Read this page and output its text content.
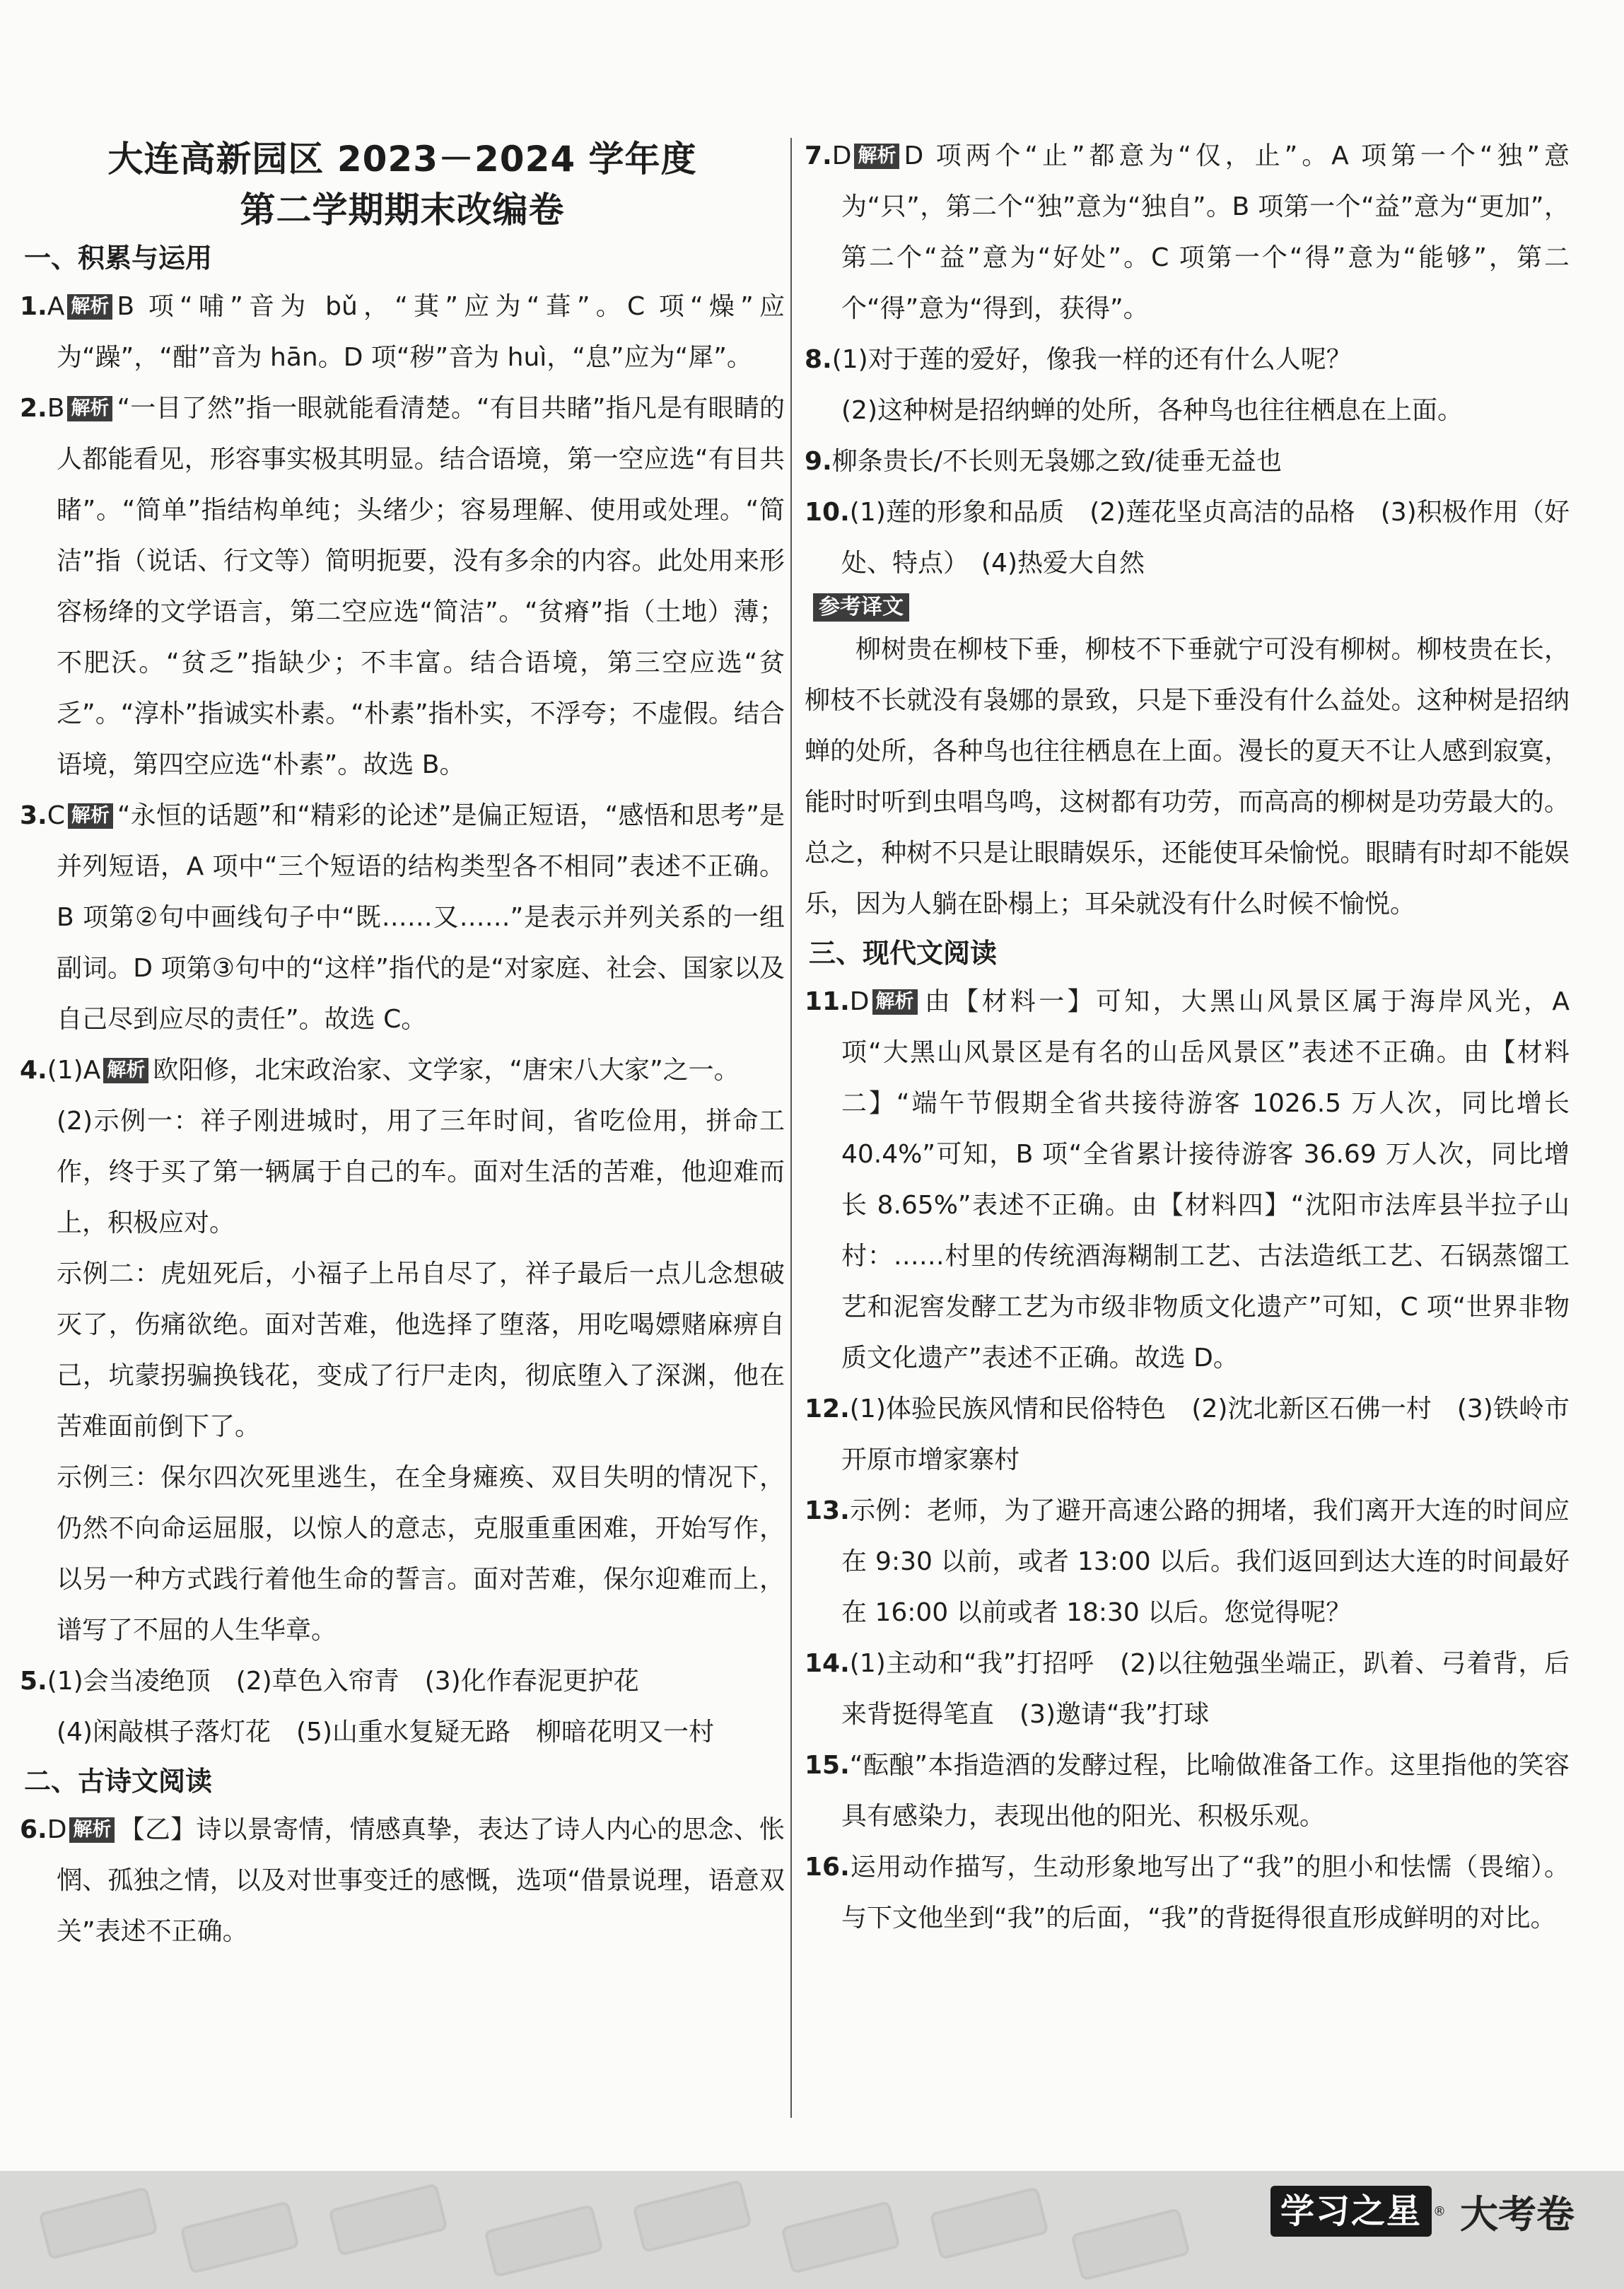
大连高新园区 2023－2024 学年度
第二学期期末改编卷
一、积累与运用

1.A 解析 B 项“哺”音为 bǔ，“萁”应为“葺”。C 项“燥”应为“躁”，“酣”音为 hān。D 项“秽”音为 huì，“息”应为“犀”。

2.B 解析 “一目了然”指一眼就能看清楚。“有目共睹”指凡是有眼睛的人都能看见，形容事实极其明显。结合语境，第一空应选“有目共睹”。“简单”指结构单纯；头绪少；容易理解、使用或处理。“简洁”指（说话、行文等）简明扼要，没有多余的内容。此处用来形容杨绛的文学语言，第二空应选“简洁”。“贫瘠”指（土地）薄；不肥沃。“贫乏”指缺少；不丰富。结合语境，第三空应选“贫乏”。“淳朴”指诚实朴素。“朴素”指朴实，不浮夸；不虚假。结合语境，第四空应选“朴素”。故选 B。

3.C 解析 “永恒的话题”和“精彩的论述”是偏正短语，“感悟和思考”是并列短语，A 项中“三个短语的结构类型各不相同”表述不正确。B 项第②句中画线句子中“既……又……”是表示并列关系的一组副词。D 项第③句中的“这样”指代的是“对家庭、社会、国家以及自己尽到应尽的责任”。故选 C。

4.(1)A 解析 欧阳修，北宋政治家、文学家，“唐宋八大家”之一。

(2)示例一：祥子刚进城时，用了三年时间，省吃俭用，拼命工作，终于买了第一辆属于自己的车。面对生活的苦难，他迎难而上，积极应对。

示例二：虎妞死后，小福子上吊自尽了，祥子最后一点儿念想破灭了，伤痛欲绝。面对苦难，他选择了堕落，用吃喝嫖赌麻痹自己，坑蒙拐骗换钱花，变成了行尸走肉，彻底堕入了深渊，他在苦难面前倒下了。

示例三：保尔四次死里逃生，在全身瘫痪、双目失明的情况下，仍然不向命运屈服，以惊人的意志，克服重重困难，开始写作，以另一种方式践行着他生命的誓言。面对苦难，保尔迎难而上，谱写了不屈的人生华章。

5.(1)会当凌绝顶　(2)草色入帘青　(3)化作春泥更护花

(4)闲敲棋子落灯花　(5)山重水复疑无路　柳暗花明又一村

二、古诗文阅读

6.D 解析 【乙】诗以景寄情，情感真挚，表达了诗人内心的思念、怅惘、孤独之情，以及对世事变迁的感慨，选项“借景说理，语意双关”表述不正确。

7.D 解析 D 项两个“止”都意为“仅，止”。A 项第一个“独”意为“只”，第二个“独”意为“独自”。B 项第一个“益”意为“更加”，第二个“益”意为“好处”。C 项第一个“得”意为“能够”，第二个“得”意为“得到，获得”。

8.(1)对于莲的爱好，像我一样的还有什么人呢？

(2)这种树是招纳蝉的处所，各种鸟也往往栖息在上面。

9.柳条贵长/不长则无袅娜之致/徒垂无益也

10.(1)莲的形象和品质　(2)莲花坚贞高洁的品格　(3)积极作用（好处、特点）　(4)热爱大自然

参考译文

柳树贵在柳枝下垂，柳枝不下垂就宁可没有柳树。柳枝贵在长，柳枝不长就没有袅娜的景致，只是下垂没有什么益处。这种树是招纳蝉的处所，各种鸟也往往栖息在上面。漫长的夏天不让人感到寂寞，能时时听到虫唱鸟鸣，这树都有功劳，而高高的柳树是功劳最大的。总之，种树不只是让眼睛娱乐，还能使耳朵愉悦。眼睛有时却不能娱乐，因为人躺在卧榻上；耳朵就没有什么时候不愉悦。

三、现代文阅读

11.D 解析 由【材料一】可知，大黑山风景区属于海岸风光，A 项“大黑山风景区是有名的山岳风景区”表述不正确。由【材料二】“端午节假期全省共接待游客 1026.5 万人次，同比增长 40.4%”可知，B 项“全省累计接待游客 36.69 万人次，同比增长 8.65%”表述不正确。由【材料四】“沈阳市法库县半拉子山村：……村里的传统酒海糊制工艺、古法造纸工艺、石锅蒸馏工艺和泥窖发酵工艺为市级非物质文化遗产”可知，C 项“世界非物质文化遗产”表述不正确。故选 D。

12.(1)体验民族风情和民俗特色　(2)沈北新区石佛一村　(3)铁岭市开原市增家寨村

13.示例：老师，为了避开高速公路的拥堵，我们离开大连的时间应在 9:30 以前，或者 13:00 以后。我们返回到达大连的时间最好在 16:00 以前或者 18:30 以后。您觉得呢？

14.(1)主动和“我”打招呼　(2)以往勉强坐端正，趴着、弓着背，后来背挺得笔直　(3)邀请“我”打球

15.“酝酿”本指造酒的发酵过程，比喻做准备工作。这里指他的笑容具有感染力，表现出他的阳光、积极乐观。

16.运用动作描写，生动形象地写出了“我”的胆小和怯懦（畏缩）。与下文他坐到“我”的后面，“我”的背挺得很直形成鲜明的对比。

学习之星 ® 大考卷
